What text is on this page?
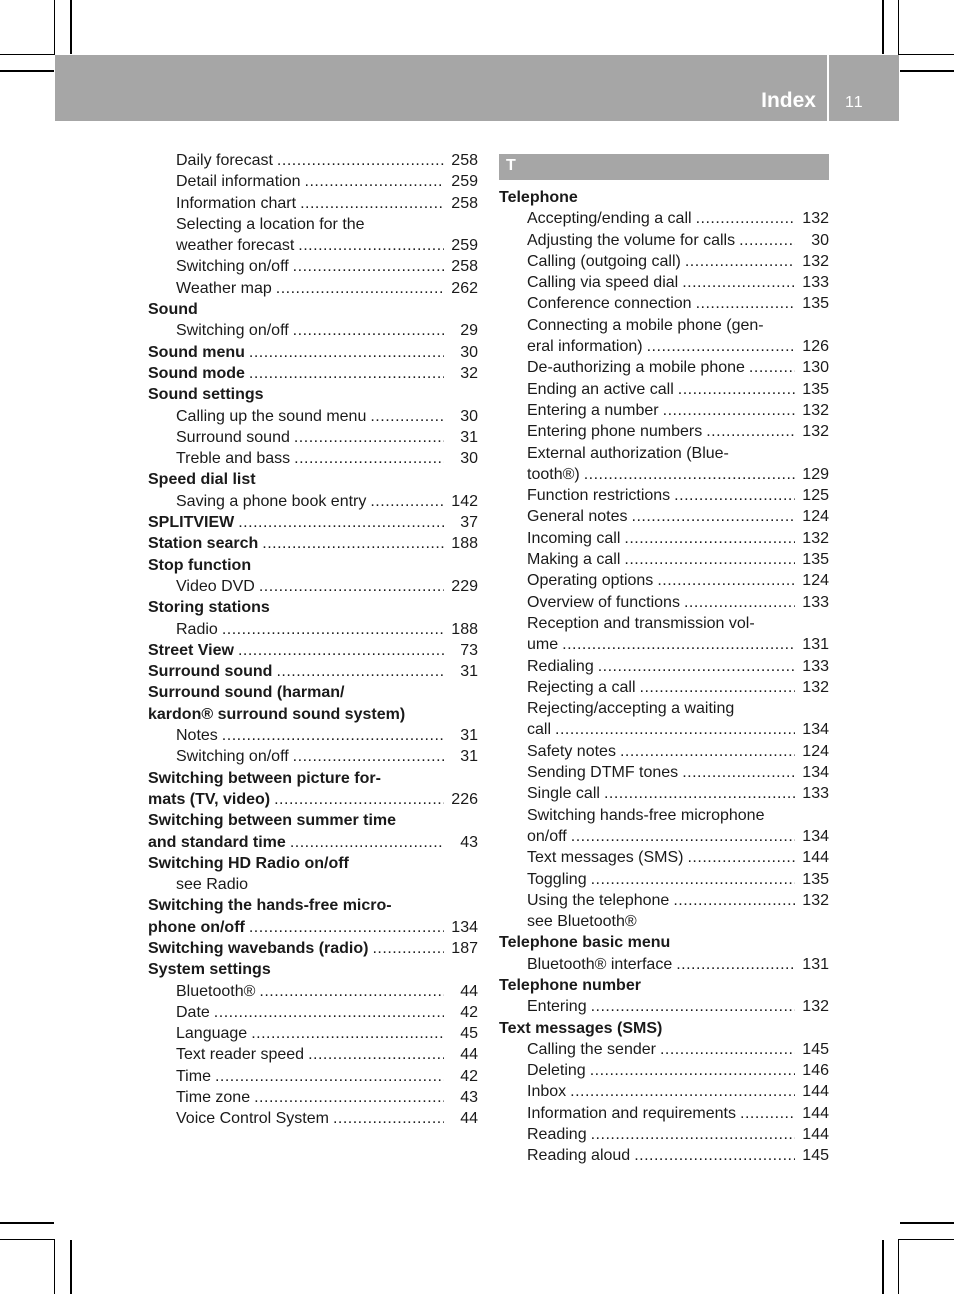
Index 11
Daily forecast .....	258
Detail information .....	259
Information chart .....	258
Selecting a location for the
weather forecast .....	259
Switching on/off .....	258
Weather map .....	262
Sound
Switching on/off .....	29
Sound menu .....	30
Sound mode .....	32
Sound settings
Calling up the sound menu .....	30
Surround sound .....	31
Treble and bass .....	30
Speed dial list
Saving a phone book entry .....	142
SPLITVIEW .....	37
Station search .....	188
Stop function
Video DVD .....	229
Storing stations
Radio .....	188
Street View .....	73
Surround sound .....	31
Surround sound (harman/
kardon® surround sound system)
Notes .....	31
Switching on/off .....	31
Switching between picture for-
mats (TV, video) .....	226
Switching between summer time
and standard time .....	43
Switching HD Radio on/off
see Radio
Switching the hands-free micro-
phone on/off .....	134
Switching wavebands (radio) .....	187
System settings
Bluetooth® .....	44
Date .....	42
Language .....	45
Text reader speed .....	44
Time .....	42
Time zone .....	43
Voice Control System .....	44
T
Telephone
Accepting/ending a call .....	132
Adjusting the volume for calls .....	30
Calling (outgoing call) .....	132
Calling via speed dial .....	133
Conference connection .....	135
Connecting a mobile phone (gen-
eral information) .....	126
De-authorizing a mobile phone .....	130
Ending an active call .....	135
Entering a number .....	132
Entering phone numbers .....	132
External authorization (Blue-
tooth®) .....	129
Function restrictions .....	125
General notes .....	124
Incoming call .....	132
Making a call .....	135
Operating options .....	124
Overview of functions .....	133
Reception and transmission vol-
ume .....	131
Redialing .....	133
Rejecting a call .....	132
Rejecting/accepting a waiting
call .....	134
Safety notes .....	124
Sending DTMF tones .....	134
Single call .....	133
Switching hands-free microphone
on/off .....	134
Text messages (SMS) .....	144
Toggling .....	135
Using the telephone .....	132
see Bluetooth®
Telephone basic menu
Bluetooth® interface .....	131
Telephone number
Entering .....	132
Text messages (SMS)
Calling the sender .....	145
Deleting .....	146
Inbox .....	144
Information and requirements .....	144
Reading .....	144
Reading aloud .....	145
